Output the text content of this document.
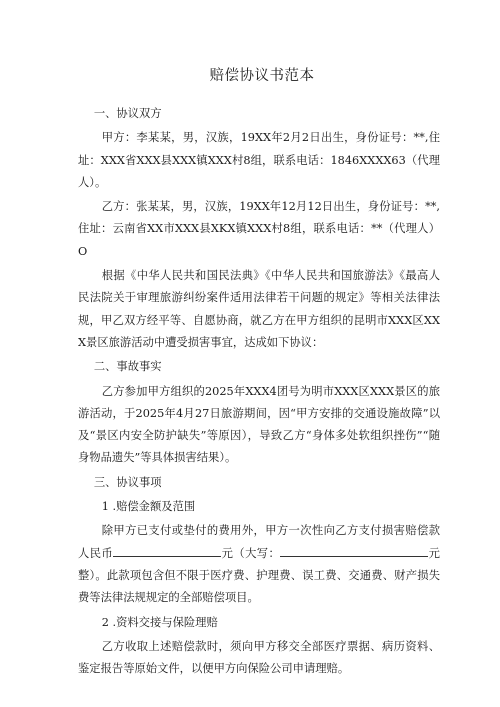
赔偿协议书范本

一、协议双方

甲方：李某某，男，汉族，19XX年2月2日出生，身份证号：**,住址：XXX省XXX县XXX镇XXX村8组，联系电话：1846XXXX63（代理人）。

乙方：张某某，男，汉族，19XX年12月12日出生，身份证号：**,住址：云南省XX市XXX县XKX镇XXX村8组，联系电话：**（代理人）O

根据《中华人民共和国民法典》《中华人民共和国旅游法》《最高人民法院关于审理旅游纠纷案件适用法律若干问题的规定》等相关法律法规，甲乙双方经平等、自愿协商，就乙方在甲方组织的昆明市XXX区XXX景区旅游活动中遭受损害事宜，达成如下协议：

二、事故事实

乙方参加甲方组织的2025年XXX4团号为明市XXX区XXX景区的旅游活动，于2025年4月27日旅游期间，因“甲方安排的交通设施故障”以及“景区内安全防护缺失”等原因），导致乙方“身体多处软组织挫伤”“随身物品遗失”等具体损害结果）。

三、协议事项

1 .赔偿金额及范围

除甲方已支付或垫付的费用外，甲方一次性向乙方支付损害赔偿款人民币	元（大写：	元整）。此款项包含但不限于医疗费、护理费、误工费、交通费、财产损失费等法律法规规定的全部赔偿项目。

2 .资料交接与保险理赔

乙方收取上述赔偿款时，须向甲方移交全部医疗票据、病历资料、鉴定报告等原始文件，以便甲方向保险公司申请理赔。
